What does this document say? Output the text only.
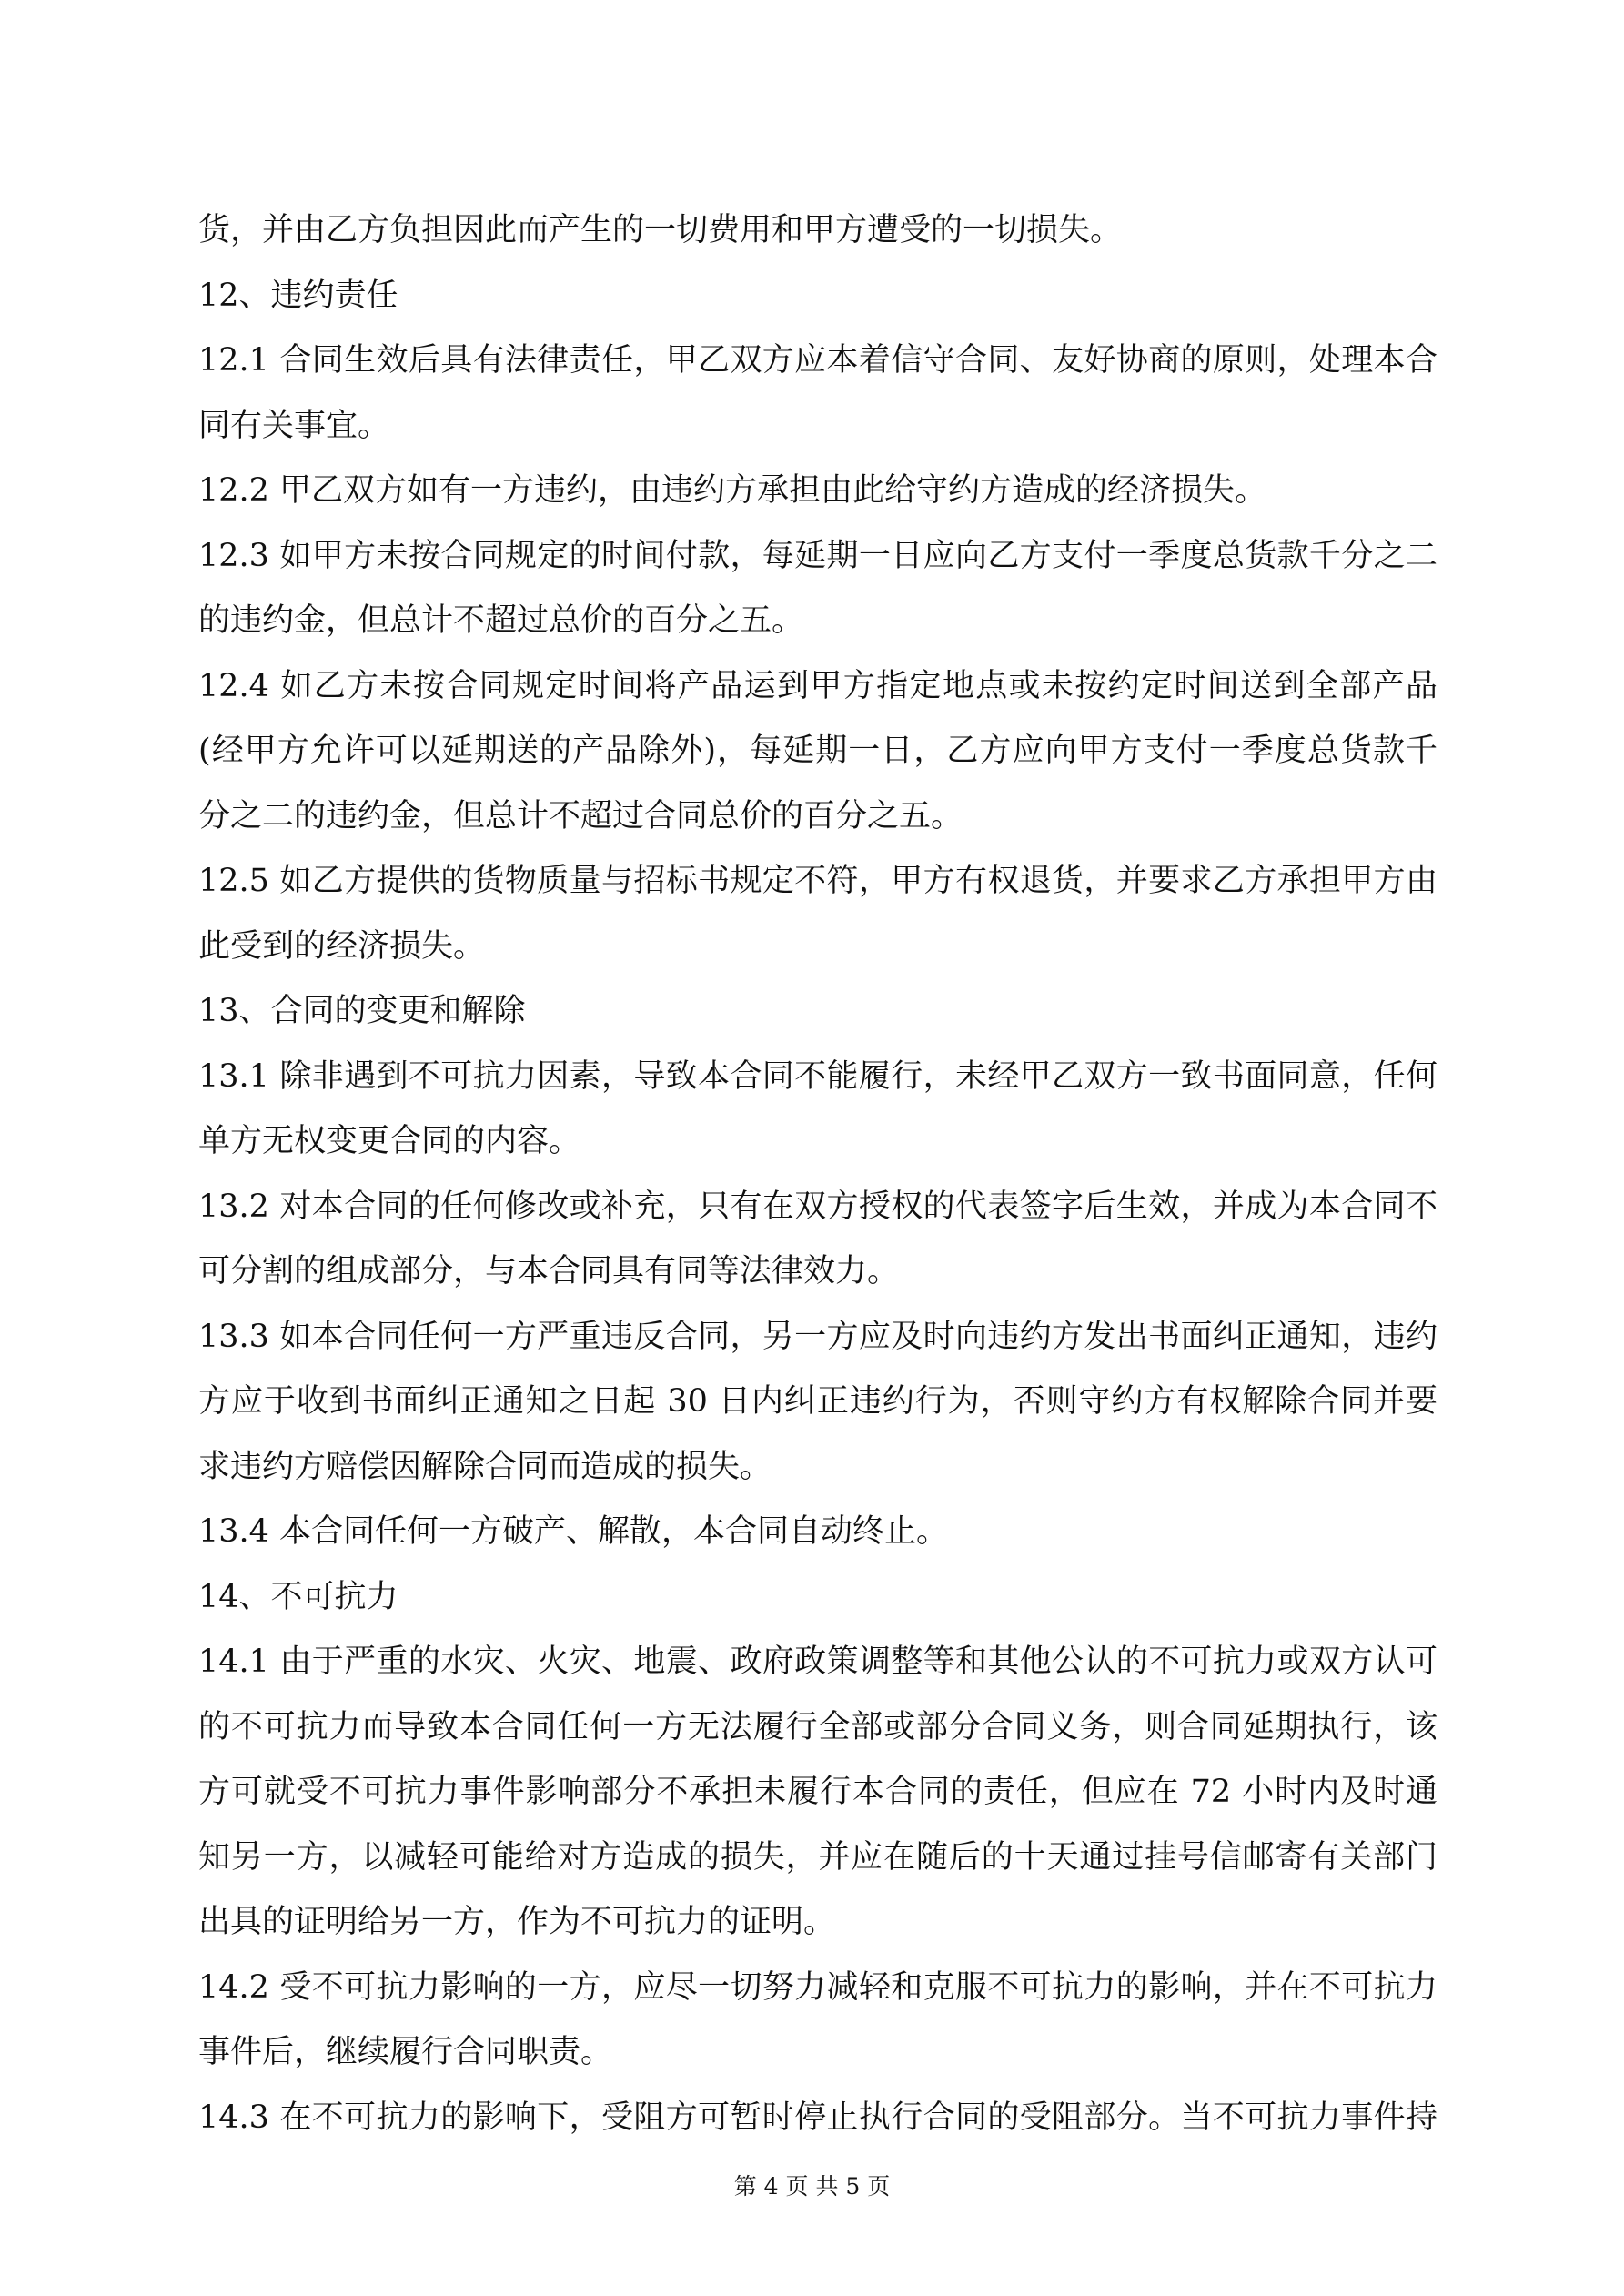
货，并由乙方负担因此而产生的一切费用和甲方遭受的一切损失。
12、违约责任
12.1 合同生效后具有法律责任，甲乙双方应本着信守合同、友好协商的原则，处理本合
同有关事宜。
12.2 甲乙双方如有一方违约，由违约方承担由此给守约方造成的经济损失。
12.3 如甲方未按合同规定的时间付款，每延期一日应向乙方支付一季度总货款千分之二
的违约金，但总计不超过总价的百分之五。
12.4 如乙方未按合同规定时间将产品运到甲方指定地点或未按约定时间送到全部产品
(经甲方允许可以延期送的产品除外)，每延期一日，乙方应向甲方支付一季度总货款千
分之二的违约金，但总计不超过合同总价的百分之五。
12.5 如乙方提供的货物质量与招标书规定不符，甲方有权退货，并要求乙方承担甲方由
此受到的经济损失。
13、合同的变更和解除
13.1 除非遇到不可抗力因素，导致本合同不能履行，未经甲乙双方一致书面同意，任何
单方无权变更合同的内容。
13.2 对本合同的任何修改或补充，只有在双方授权的代表签字后生效，并成为本合同不
可分割的组成部分，与本合同具有同等法律效力。
13.3 如本合同任何一方严重违反合同，另一方应及时向违约方发出书面纠正通知，违约
方应于收到书面纠正通知之日起 30 日内纠正违约行为，否则守约方有权解除合同并要
求违约方赔偿因解除合同而造成的损失。
13.4 本合同任何一方破产、解散，本合同自动终止。
14、不可抗力
14.1 由于严重的水灾、火灾、地震、政府政策调整等和其他公认的不可抗力或双方认可
的不可抗力而导致本合同任何一方无法履行全部或部分合同义务，则合同延期执行，该
方可就受不可抗力事件影响部分不承担未履行本合同的责任，但应在 72 小时内及时通
知另一方，以减轻可能给对方造成的损失，并应在随后的十天通过挂号信邮寄有关部门
出具的证明给另一方，作为不可抗力的证明。
14.2 受不可抗力影响的一方，应尽一切努力减轻和克服不可抗力的影响，并在不可抗力
事件后，继续履行合同职责。
14.3 在不可抗力的影响下，受阻方可暂时停止执行合同的受阻部分。当不可抗力事件持
第 4 页 共 5 页
